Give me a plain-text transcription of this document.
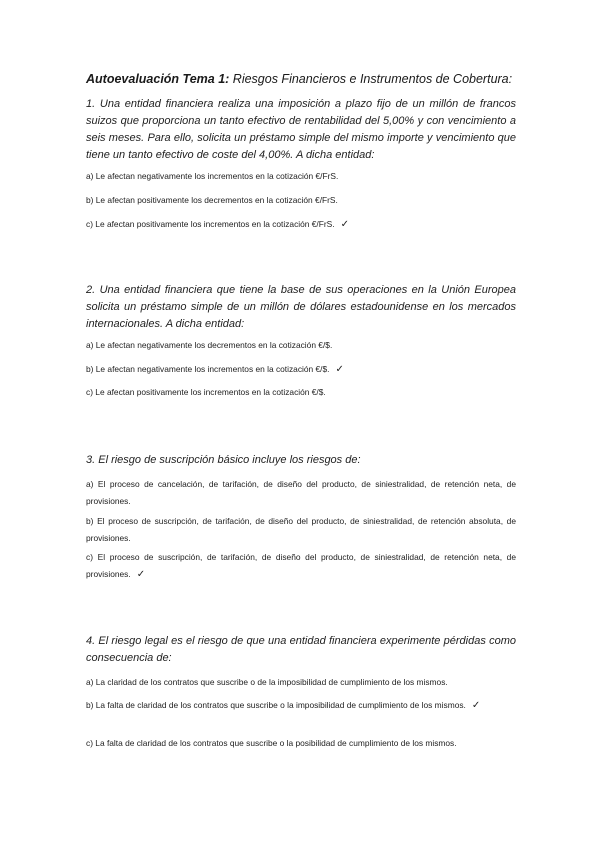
Autoevaluación Tema 1: Riesgos Financieros e Instrumentos de Cobertura:
1. Una entidad financiera realiza una imposición a plazo fijo de un millón de francos suizos que proporciona un tanto efectivo de rentabilidad del 5,00% y con vencimiento a seis meses. Para ello, solicita un préstamo simple del mismo importe y vencimiento que tiene un tanto efectivo de coste del 4,00%. A dicha entidad:
a) Le afectan negativamente los incrementos en la cotización €/FrS.
b) Le afectan positivamente los decrementos en la cotización €/FrS.
c) Le afectan positivamente los incrementos en la cotización €/FrS. ✓
2. Una entidad financiera que tiene la base de sus operaciones en la Unión Europea solicita un préstamo simple de un millón de dólares estadounidense en los mercados internacionales. A dicha entidad:
a) Le afectan negativamente los decrementos en la cotización €/$.
b) Le afectan negativamente los incrementos en la cotización €/$. ✓
c) Le afectan positivamente los incrementos en la cotización €/$.
3. El riesgo de suscripción básico incluye los riesgos de:
a) El proceso de cancelación, de tarifación, de diseño del producto, de siniestralidad, de retención neta, de provisiones.
b) El proceso de suscripción, de tarifación, de diseño del producto, de siniestralidad, de retención absoluta, de provisiones.
c) El proceso de suscripción, de tarifación, de diseño del producto, de siniestralidad, de retención neta, de provisiones. ✓
4. El riesgo legal es el riesgo de que una entidad financiera experimente pérdidas como consecuencia de:
a) La claridad de los contratos que suscribe o de la imposibilidad de cumplimiento de los mismos.
b) La falta de claridad de los contratos que suscribe o la imposibilidad de cumplimiento de los mismos. ✓
c) La falta de claridad de los contratos que suscribe o la posibilidad de cumplimiento de los mismos.
